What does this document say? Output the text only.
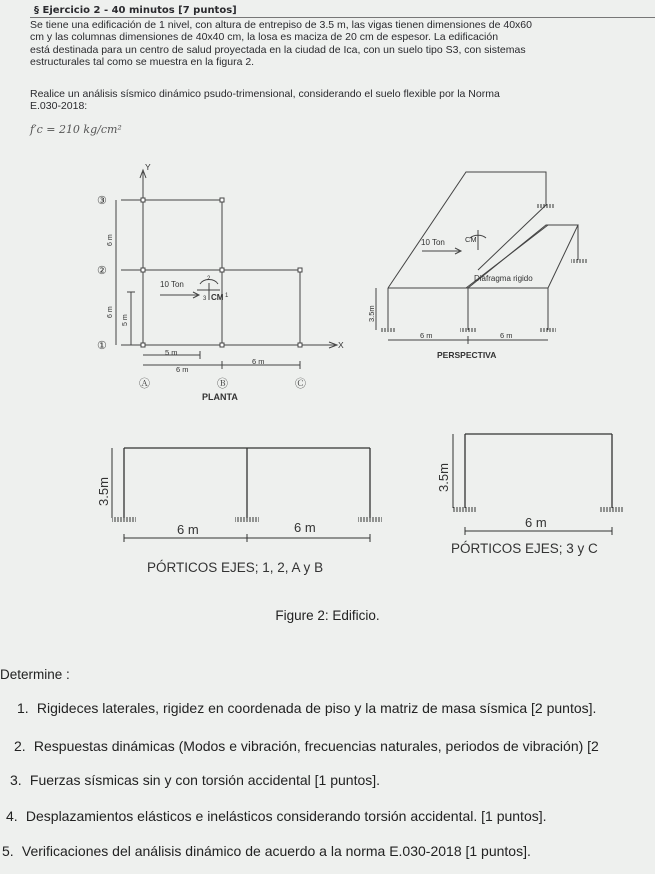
§ Ejercicio 2 - 40 minutos [7 puntos]
Se tiene una edificación de 1 nivel, con altura de entrepiso de 3.5 m, las vigas tienen dimensiones de 40x60
cm y las columnas dimensiones de 40x40 cm, la losa es maciza de 20 cm de espesor. La edificación
está destinada para un centro de salud proyectada en la ciudad de Ica, con un suelo tipo S3, con sistemas
estructurales tal como se muestra en la figura 2.
Realice un análisis sísmico dinámico psudo-trimensional, considerando el suelo flexible por la Norma
E.030-2018:
f′c = 210 kg/cm²
Y
X
③
②
①
Ⓐ	Ⓑ	Ⓒ
6 m
6 m
5 m
5 m
6 m
6 m
10 Ton
CM 1
2
3
PLANTA
10 Ton	CM
Diafragma rigido
3.5m
6 m	6 m
PERSPECTIVA
3.5m
6 m	6 m
PÓRTICOS EJES; 1, 2, A y B
3.5m
6 m
PÓRTICOS EJES; 3 y C
Figure 2: Edificio.
Determine :
1. Rigideces laterales, rigidez en coordenada de piso y la matriz de masa sísmica [2 puntos].
2. Respuestas dinámicas (Modos e vibración, frecuencias naturales, periodos de vibración) [2
3. Fuerzas sísmicas sin y con torsión accidental [1 puntos].
4. Desplazamientos elásticos e inelásticos considerando torsión accidental. [1 puntos].
5. Verificaciones del análisis dinámico de acuerdo a la norma E.030-2018 [1 puntos].
